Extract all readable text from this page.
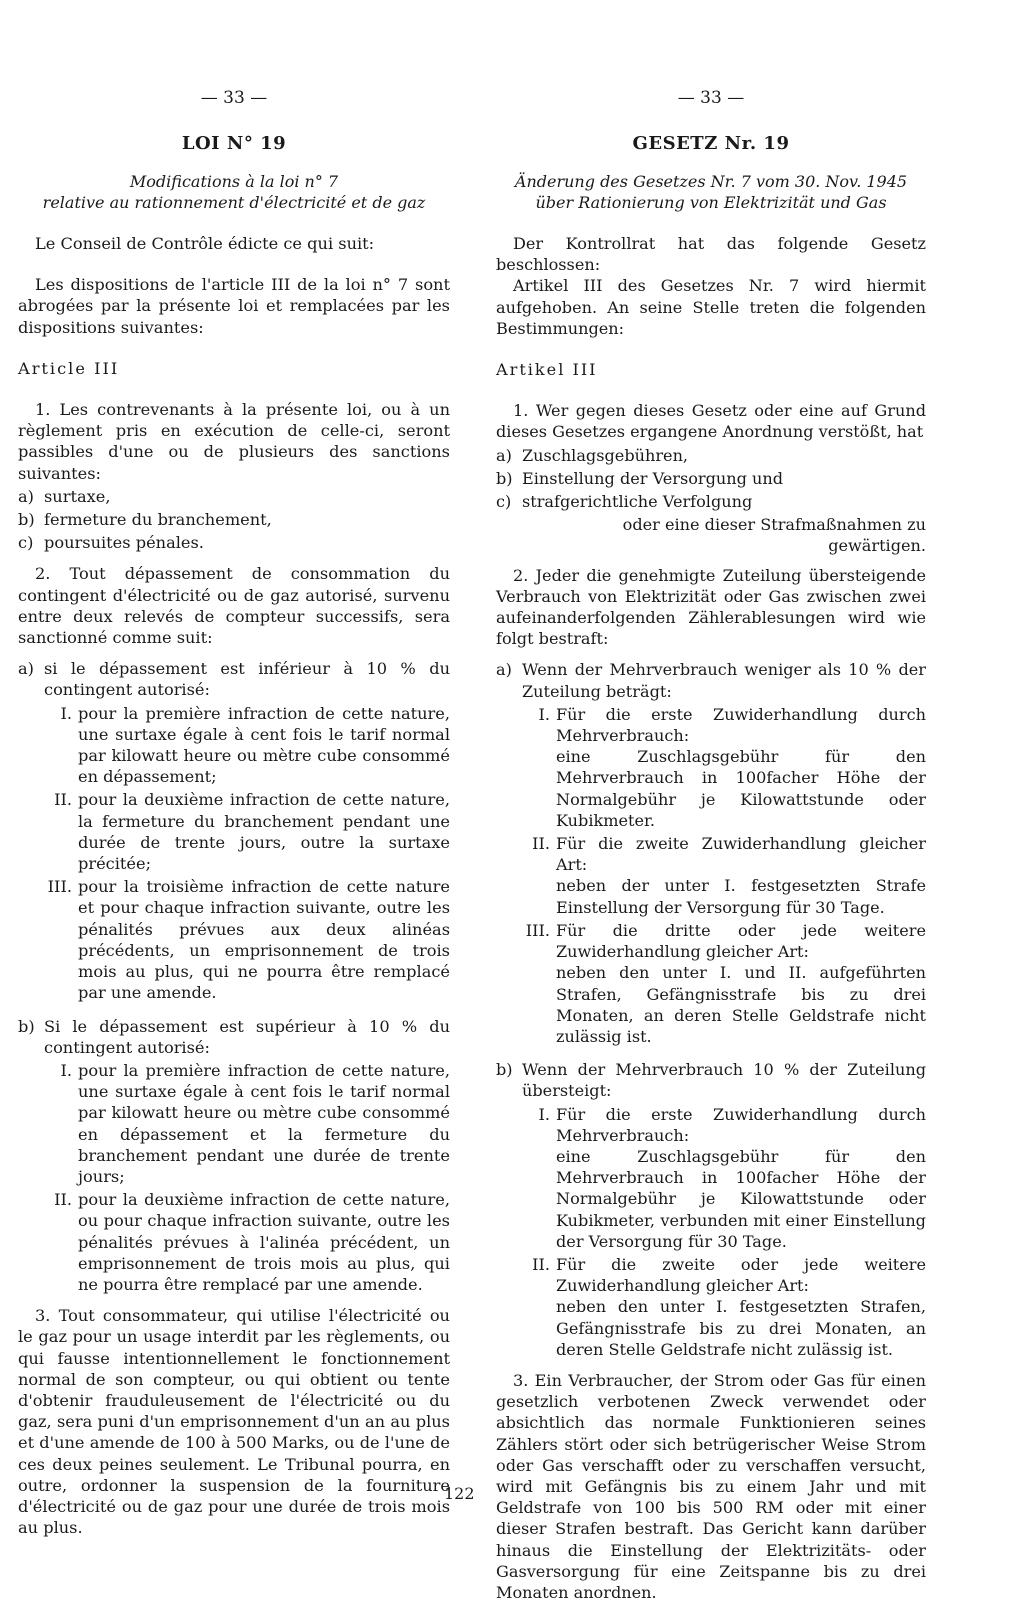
— 33 —
LOI N° 19
Modifications à la loi n° 7
relative au rationnement d'électricité et de gaz

Le Conseil de Contrôle édicte ce qui suit:

Les dispositions de l'article III de la loi n° 7 sont abrogées par la présente loi et remplacées par les dispositions suivantes:

Article III

1. Les contrevenants à la présente loi, ou à un règlement pris en exécution de celle-ci, seront passibles d'une ou de plusieurs des sanctions suivantes:

a) surtaxe,
b) fermeture du branchement,
c) poursuites pénales.

2. Tout dépassement de consommation du contingent d'électricité ou de gaz autorisé, survenu entre deux relevés de compteur successifs, sera sanctionné comme suit:

a) si le dépassement est inférieur à 10 % du contingent autorisé:
I. pour la première infraction de cette nature, une surtaxe égale à cent fois le tarif normal par kilowatt heure ou mètre cube consommé en dépassement;
II. pour la deuxième infraction de cette nature, la fermeture du branchement pendant une durée de trente jours, outre la surtaxe précitée;
III. pour la troisième infraction de cette nature et pour chaque infraction suivante, outre les pénalités prévues aux deux alinéas précédents, un emprisonnement de trois mois au plus, qui ne pourra être remplacé par une amende.
b) Si le dépassement est supérieur à 10 % du contingent autorisé:
I. pour la première infraction de cette nature, une surtaxe égale à cent fois le tarif normal par kilowatt heure ou mètre cube consommé en dépassement et la fermeture du branchement pendant une durée de trente jours;
II. pour la deuxième infraction de cette nature, ou pour chaque infraction suivante, outre les pénalités prévues à l'alinéa précédent, un emprisonnement de trois mois au plus, qui ne pourra être remplacé par une amende.

3. Tout consommateur, qui utilise l'électricité ou le gaz pour un usage interdit par les règlements, ou qui fausse intentionnellement le fonctionnement normal de son compteur, ou qui obtient ou tente d'obtenir frauduleusement de l'électricité ou du gaz, sera puni d'un emprisonnement d'un an au plus et d'une amende de 100 à 500 Marks, ou de l'une de ces deux peines seulement. Le Tribunal pourra, en outre, ordonner la suspension de la fourniture d'électricité ou de gaz pour une durée de trois mois au plus.

— 33 —
GESETZ Nr. 19
Änderung des Gesetzes Nr. 7 vom 30. Nov. 1945
über Rationierung von Elektrizität und Gas

Der Kontrollrat hat das folgende Gesetz beschlossen:

Artikel III des Gesetzes Nr. 7 wird hiermit aufgehoben. An seine Stelle treten die folgenden Bestimmungen:

Artikel III

1. Wer gegen dieses Gesetz oder eine auf Grund dieses Gesetzes ergangene Anordnung verstößt, hat

a) Zuschlagsgebühren,
b) Einstellung der Versorgung und
c) strafgerichtliche Verfolgung
oder eine dieser Strafmaßnahmen zu gewärtigen.

2. Jeder die genehmigte Zuteilung übersteigende Verbrauch von Elektrizität oder Gas zwischen zwei aufeinanderfolgenden Zählerablesungen wird wie folgt bestraft:

a) Wenn der Mehrverbrauch weniger als 10 % der Zuteilung beträgt:
I. Für die erste Zuwiderhandlung durch Mehrverbrauch:
eine Zuschlagsgebühr für den Mehrverbrauch in 100facher Höhe der Normalgebühr je Kilowattstunde oder Kubikmeter.
II. Für die zweite Zuwiderhandlung gleicher Art:
neben der unter I. festgesetzten Strafe Einstellung der Versorgung für 30 Tage.
III. Für die dritte oder jede weitere Zuwiderhandlung gleicher Art:
neben den unter I. und II. aufgeführten Strafen, Gefängnisstrafe bis zu drei Monaten, an deren Stelle Geldstrafe nicht zulässig ist.
b) Wenn der Mehrverbrauch 10 % der Zuteilung übersteigt:
I. Für die erste Zuwiderhandlung durch Mehrverbrauch:
eine Zuschlagsgebühr für den Mehrverbrauch in 100facher Höhe der Normalgebühr je Kilowattstunde oder Kubikmeter, verbunden mit einer Einstellung der Versorgung für 30 Tage.
II. Für die zweite oder jede weitere Zuwiderhandlung gleicher Art:
neben den unter I. festgesetzten Strafen, Gefängnisstrafe bis zu drei Monaten, an deren Stelle Geldstrafe nicht zulässig ist.

3. Ein Verbraucher, der Strom oder Gas für einen gesetzlich verbotenen Zweck verwendet oder absichtlich das normale Funktionieren seines Zählers stört oder sich betrügerischer Weise Strom oder Gas verschafft oder zu verschaffen versucht, wird mit Gefängnis bis zu einem Jahr und mit Geldstrafe von 100 bis 500 RM oder mit einer dieser Strafen bestraft. Das Gericht kann darüber hinaus die Einstellung der Elektrizitäts- oder Gasversorgung für eine Zeitspanne bis zu drei Monaten anordnen.

122
